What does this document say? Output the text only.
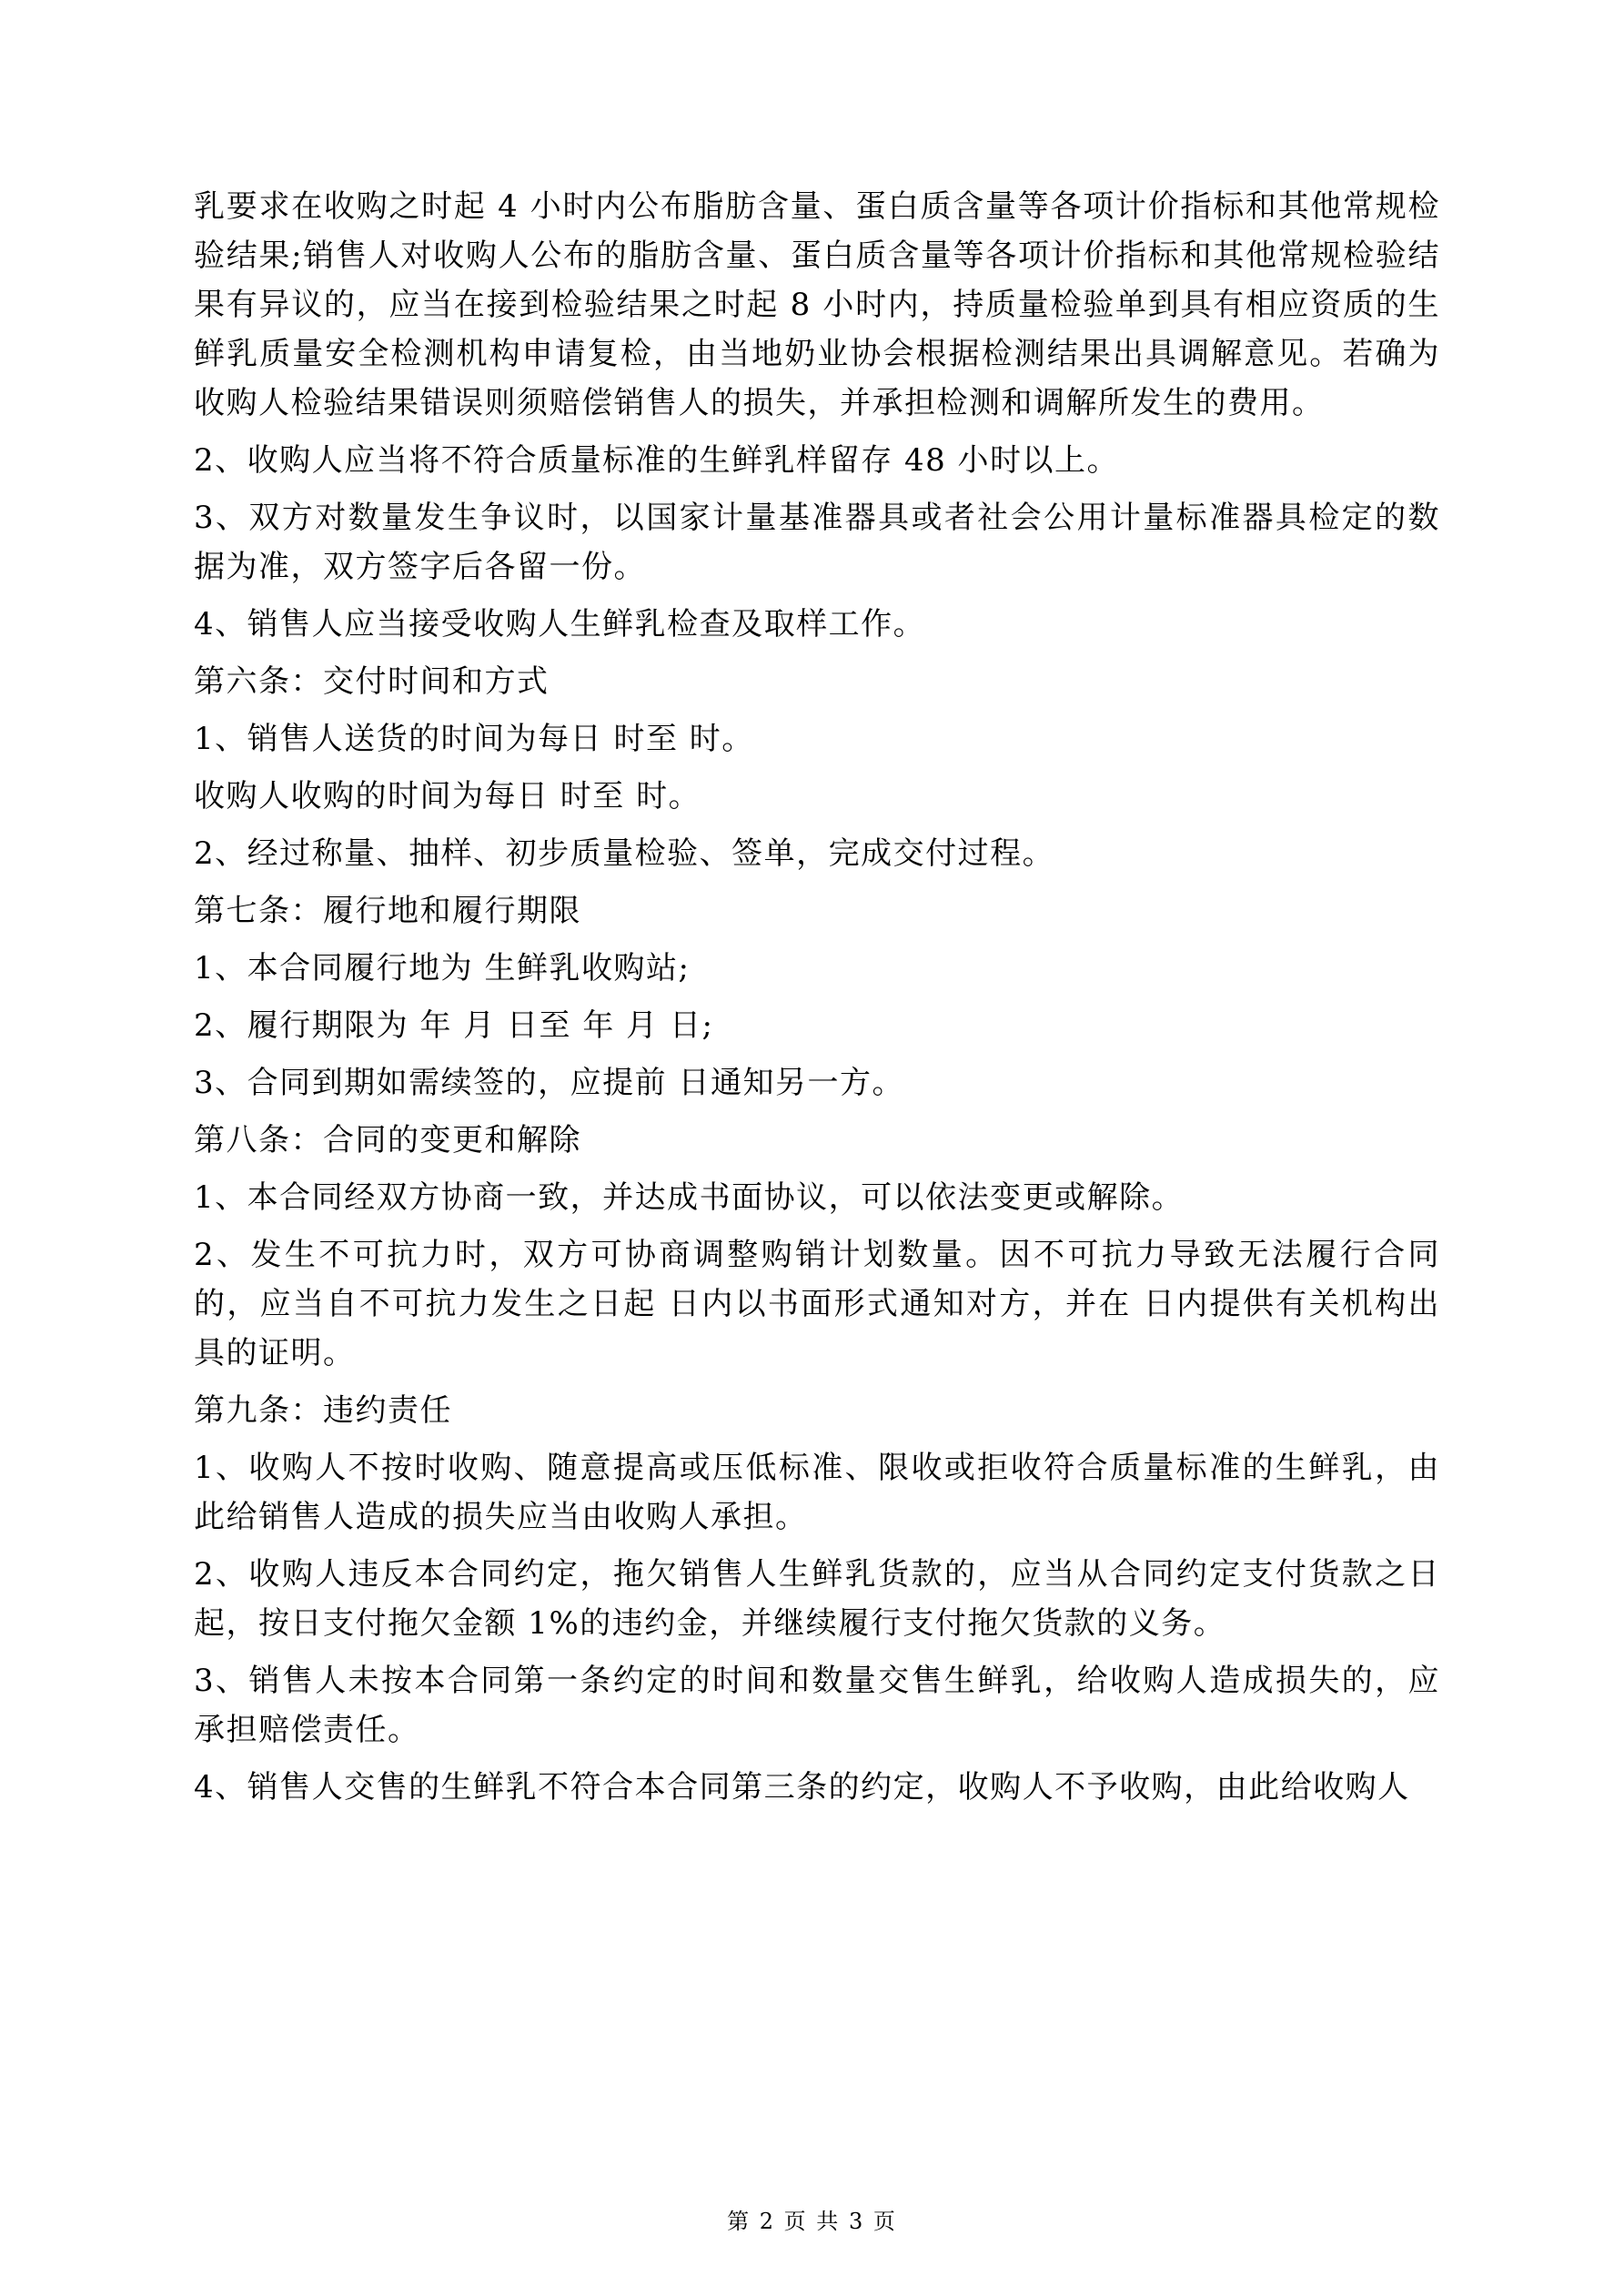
乳要求在收购之时起 4 小时内公布脂肪含量、蛋白质含量等各项计价指标和其他常规检验结果;销售人对收购人公布的脂肪含量、蛋白质含量等各项计价指标和其他常规检验结果有异议的，应当在接到检验结果之时起 8 小时内，持质量检验单到具有相应资质的生鲜乳质量安全检测机构申请复检，由当地奶业协会根据检测结果出具调解意见。若确为收购人检验结果错误则须赔偿销售人的损失，并承担检测和调解所发生的费用。

2、收购人应当将不符合质量标准的生鲜乳样留存 48 小时以上。

3、双方对数量发生争议时，以国家计量基准器具或者社会公用计量标准器具检定的数据为准，双方签字后各留一份。

4、销售人应当接受收购人生鲜乳检查及取样工作。

第六条：交付时间和方式

1、销售人送货的时间为每日 时至 时。

收购人收购的时间为每日 时至 时。

2、经过称量、抽样、初步质量检验、签单，完成交付过程。

第七条：履行地和履行期限

1、本合同履行地为 生鲜乳收购站;

2、履行期限为 年 月 日至 年 月 日;

3、合同到期如需续签的，应提前 日通知另一方。

第八条：合同的变更和解除

1、本合同经双方协商一致，并达成书面协议，可以依法变更或解除。

2、发生不可抗力时，双方可协商调整购销计划数量。因不可抗力导致无法履行合同的，应当自不可抗力发生之日起 日内以书面形式通知对方，并在 日内提供有关机构出具的证明。

第九条：违约责任

1、收购人不按时收购、随意提高或压低标准、限收或拒收符合质量标准的生鲜乳，由此给销售人造成的损失应当由收购人承担。

2、收购人违反本合同约定，拖欠销售人生鲜乳货款的，应当从合同约定支付货款之日起，按日支付拖欠金额 1%的违约金，并继续履行支付拖欠货款的义务。

3、销售人未按本合同第一条约定的时间和数量交售生鲜乳，给收购人造成损失的，应承担赔偿责任。

4、销售人交售的生鲜乳不符合本合同第三条的约定，收购人不予收购，由此给收购人

第 2 页 共 3 页
